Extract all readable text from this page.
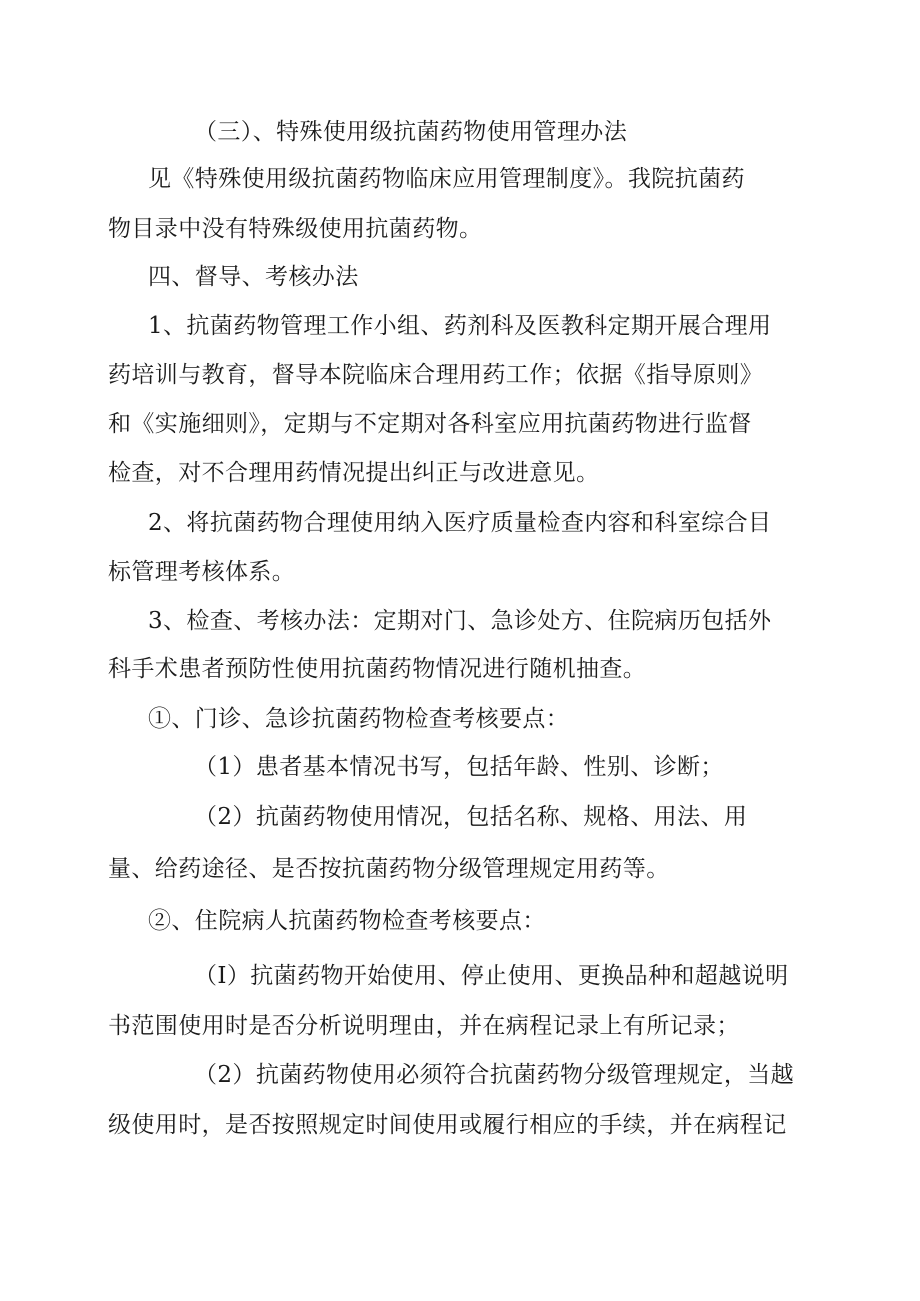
（三）、特殊使用级抗菌药物使用管理办法
见《特殊使用级抗菌药物临床应用管理制度》。我院抗菌药
物目录中没有特殊级使用抗菌药物。
四、督导、考核办法
1、抗菌药物管理工作小组、药剂科及医教科定期开展合理用
药培训与教育，督导本院临床合理用药工作；依据《指导原则》
和《实施细则》，定期与不定期对各科室应用抗菌药物进行监督
检查，对不合理用药情况提出纠正与改进意见。
2、将抗菌药物合理使用纳入医疗质量检查内容和科室综合目
标管理考核体系。
3、检查、考核办法：定期对门、急诊处方、住院病历包括外
科手术患者预防性使用抗菌药物情况进行随机抽查。
①、门诊、急诊抗菌药物检查考核要点：
（1）患者基本情况书写，包括年龄、性别、诊断；
（2）抗菌药物使用情况，包括名称、规格、用法、用
量、给药途径、是否按抗菌药物分级管理规定用药等。
②、住院病人抗菌药物检查考核要点：
（I）抗菌药物开始使用、停止使用、更换品种和超越说明
书范围使用时是否分析说明理由，并在病程记录上有所记录；
（2）抗菌药物使用必须符合抗菌药物分级管理规定，当越
级使用时，是否按照规定时间使用或履行相应的手续，并在病程记
